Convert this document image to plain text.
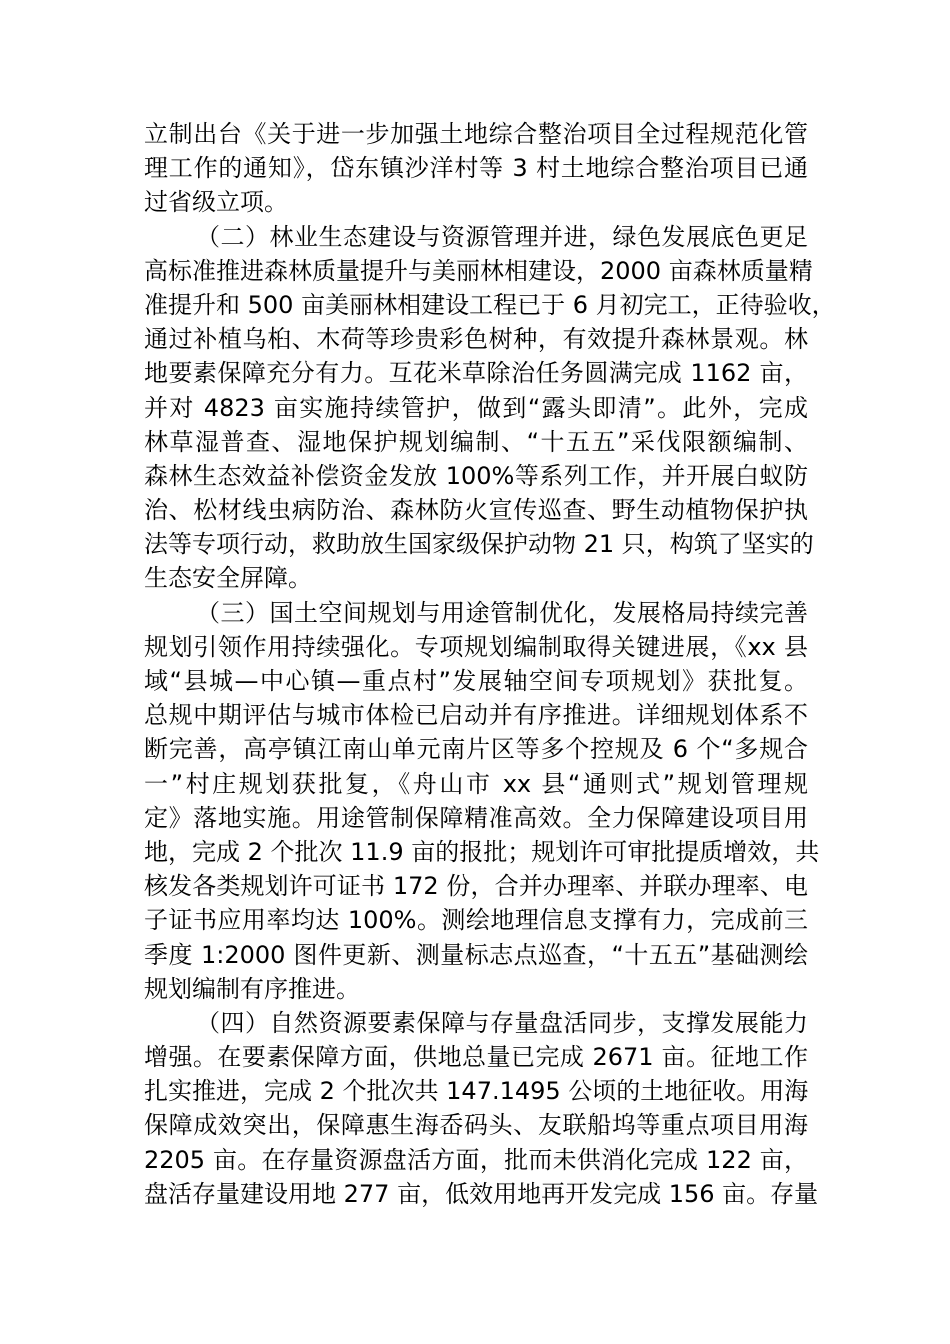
立制出台《关于进一步加强土地综合整治项目全过程规范化管
理工作的通知》，岱东镇沙洋村等 3 村土地综合整治项目已通
过省级立项。
（二）林业生态建设与资源管理并进，绿色发展底色更足
高标准推进森林质量提升与美丽林相建设，2000 亩森林质量精
准提升和 500 亩美丽林相建设工程已于 6 月初完工，正待验收，
通过补植乌桕、木荷等珍贵彩色树种，有效提升森林景观。林
地要素保障充分有力。互花米草除治任务圆满完成 1162 亩，
并对 4823 亩实施持续管护，做到“露头即清”。此外，完成
林草湿普查、湿地保护规划编制、“十五五”采伐限额编制、
森林生态效益补偿资金发放 100%等系列工作，并开展白蚁防
治、松材线虫病防治、森林防火宣传巡查、野生动植物保护执
法等专项行动，救助放生国家级保护动物 21 只，构筑了坚实的
生态安全屏障。
（三）国土空间规划与用途管制优化，发展格局持续完善
规划引领作用持续强化。专项规划编制取得关键进展，《xx 县
域“县城—中心镇—重点村”发展轴空间专项规划》获批复。
总规中期评估与城市体检已启动并有序推进。详细规划体系不
断完善，高亭镇江南山单元南片区等多个控规及 6 个“多规合
一”村庄规划获批复，《舟山市 xx 县“通则式”规划管理规
定》落地实施。用途管制保障精准高效。全力保障建设项目用
地，完成 2 个批次 11.9 亩的报批；规划许可审批提质增效，共
核发各类规划许可证书 172 份，合并办理率、并联办理率、电
子证书应用率均达 100%。测绘地理信息支撑有力，完成前三
季度 1:2000 图件更新、测量标志点巡查，“十五五”基础测绘
规划编制有序推进。
（四）自然资源要素保障与存量盘活同步，支撑发展能力
增强。在要素保障方面，供地总量已完成 2671 亩。征地工作
扎实推进，完成 2 个批次共 147.1495 公顷的土地征收。用海
保障成效突出，保障惠生海岙码头、友联船坞等重点项目用海
2205 亩。在存量资源盘活方面，批而未供消化完成 122 亩，
盘活存量建设用地 277 亩，低效用地再开发完成 156 亩。存量
